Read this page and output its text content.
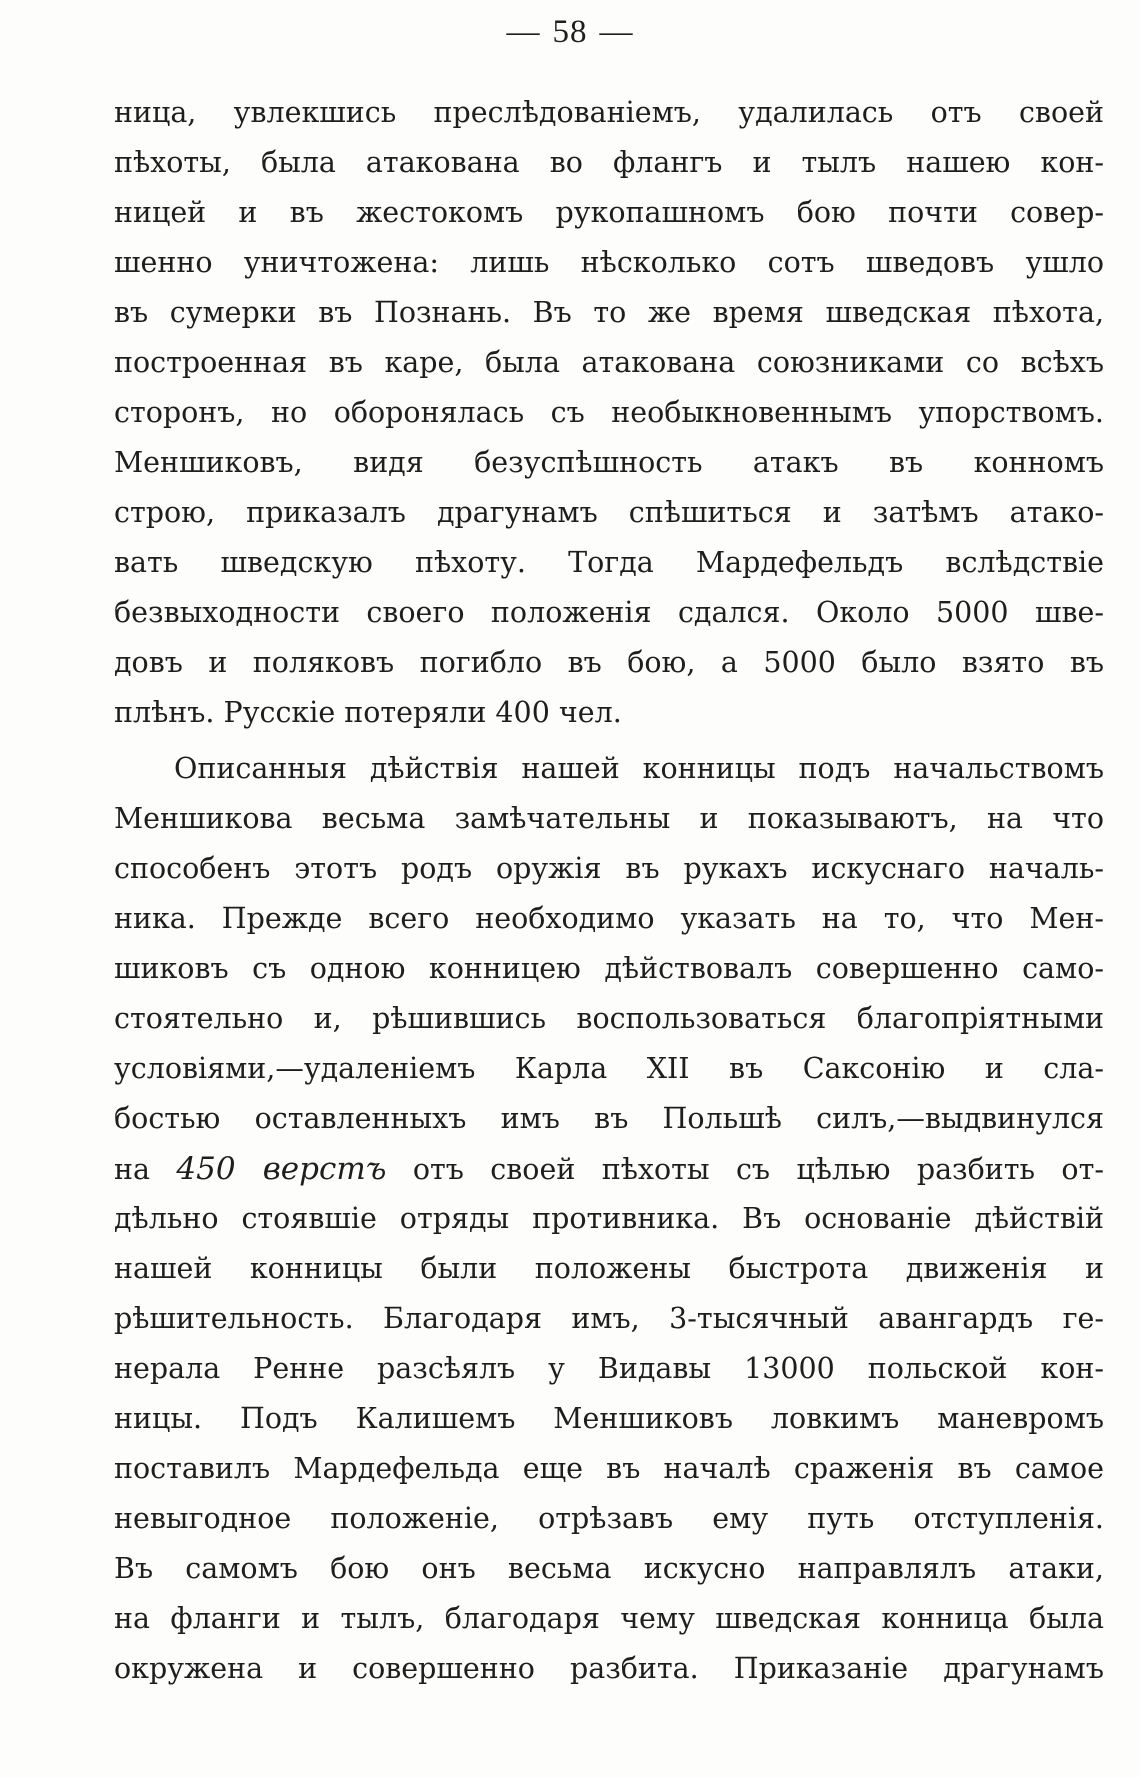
— 58 —
ница, увлекшись преслѣдованіемъ, удалилась отъ своей
пѣхоты, была атакована во флангъ и тылъ нашею кон-
ницей и въ жестокомъ рукопашномъ бою почти совер-
шенно уничтожена: лишь нѣсколько сотъ шведовъ ушло
въ сумерки въ Познань. Въ то же время шведская пѣхота,
построенная въ каре, была атакована союзниками со всѣхъ
сторонъ, но оборонялась съ необыкновеннымъ упорствомъ.
Меншиковъ, видя безуспѣшность атакъ въ конномъ
строю, приказалъ драгунамъ спѣшиться и затѣмъ атако-
вать шведскую пѣхоту. Тогда Мардефельдъ вслѣдствіе
безвыходности своего положенія сдался. Около 5000 шве-
довъ и поляковъ погибло въ бою, а 5000 было взято въ
плѣнъ. Русскіе потеряли 400 чел.
Описанныя дѣйствія нашей конницы подъ начальствомъ
Меншикова весьма замѣчательны и показываютъ, на что
способенъ этотъ родъ оружія въ рукахъ искуснаго началь-
ника. Прежде всего необходимо указать на то, что Мен-
шиковъ съ одною конницею дѣйствовалъ совершенно само-
стоятельно и, рѣшившись воспользоваться благопріятными
условіями,—удаленіемъ Карла XII въ Саксонію и сла-
бостью оставленныхъ имъ въ Польшѣ силъ,—выдвинулся
на 450 верстъ отъ своей пѣхоты съ цѣлью разбить от-
дѣльно стоявшіе отряды противника. Въ основаніе дѣйствій
нашей конницы были положены быстрота движенія и
рѣшительность. Благодаря имъ, 3-тысячный авангардъ ге-
нерала Ренне разсѣялъ у Видавы 13000 польской кон-
ницы. Подъ Калишемъ Меншиковъ ловкимъ маневромъ
поставилъ Мардефельда еще въ началѣ сраженія въ самое
невыгодное положеніе, отрѣзавъ ему путь отступленія.
Въ самомъ бою онъ весьма искусно направлялъ атаки,
на фланги и тылъ, благодаря чему шведская конница была
окружена и совершенно разбита. Приказаніе драгунамъ
